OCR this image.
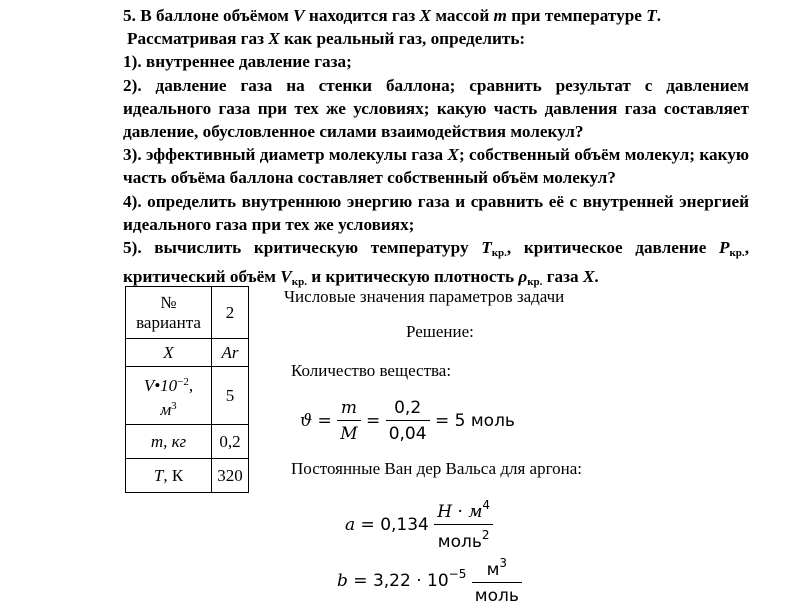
5. В баллоне объёмом V находится газ X массой m при температуре T.

Рассматривая газ X как реальный газ, определить:

1). внутреннее давление газа;

2). давление газа на стенки баллона; сравнить результат с давлением идеального газа при тех же условиях; какую часть давления газа составляет давление, обусловленное силами взаимодействия молекул?

3). эффективный диаметр молекулы газа X; собственный объём молекул; какую часть объёма баллона составляет собственный объём молекул?

4). определить внутреннюю энергию газа и сравнить её с внутренней энергией идеального газа при тех же условиях;

5). вычислить критическую температуру $T_{кр.}$, критическое давление $P_{кр.}$, критический объём $V_{кр.}$ и критическую плотность $\rho_{кр.}$ газа X.

№ варианта	2
X	Ar
$V•10^{-2}$,
$м^3$	5
m, кг	0,2
T, К	320
Числовые значения параметров задачи
Решение:
Количество вещества:
$ϑ = \frac{m}{M} = \frac{0,2}{0,04} = 5$ моль
Постоянные Ван дер Вальса для аргона:
$a = 0,134 \frac{Н \cdot м^4}{моль^2}$
$b = 3,22 \cdot 10^{-5} \frac{м^3}{\text{моль}}$
